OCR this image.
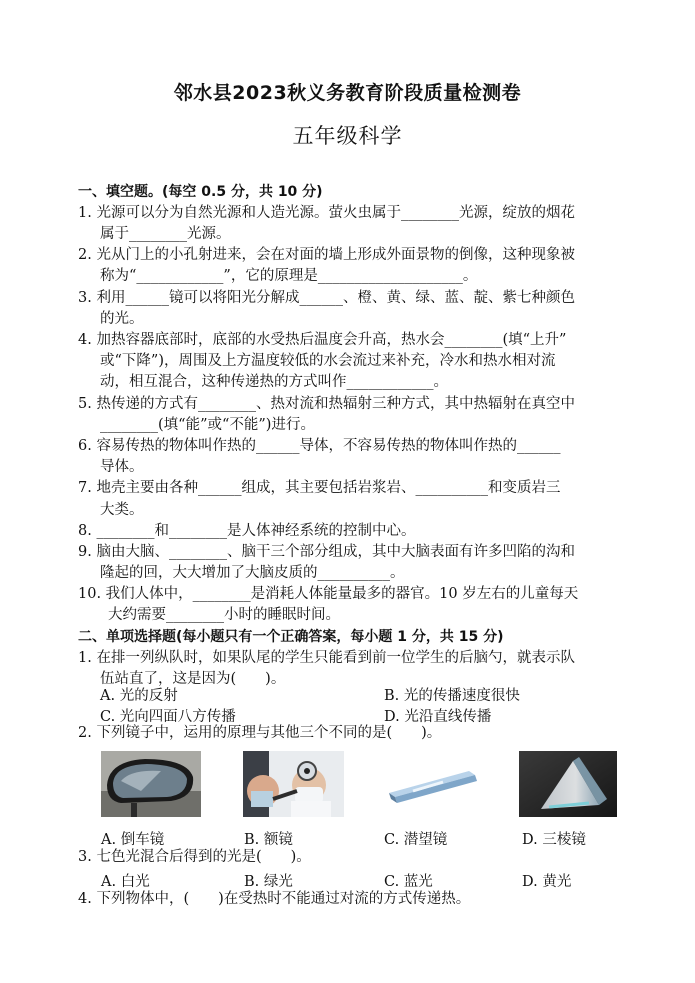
邻水县2023秋义务教育阶段质量检测卷
五年级科学
一、填空题。(每空 0.5 分，共 10 分)
1. 光源可以分为自然光源和人造光源。萤火虫属于________光源，绽放的烟花
属于________光源。
2. 光从门上的小孔射进来，会在对面的墙上形成外面景物的倒像，这种现象被
称为“____________”，它的原理是____________________。
3. 利用______镜可以将阳光分解成______、橙、黄、绿、蓝、靛、紫七种颜色
的光。
4. 加热容器底部时，底部的水受热后温度会升高，热水会________(填“上升”
或“下降”)，周围及上方温度较低的水会流过来补充，冷水和热水相对流
动，相互混合，这种传递热的方式叫作____________。
5. 热传递的方式有________、热对流和热辐射三种方式，其中热辐射在真空中
________(填“能”或“不能”)进行。
6. 容易传热的物体叫作热的______导体，不容易传热的物体叫作热的______
导体。
7. 地壳主要由各种______组成，其主要包括岩浆岩、__________和变质岩三
大类。
8. ________和________是人体神经系统的控制中心。
9. 脑由大脑、________、脑干三个部分组成，其中大脑表面有许多凹陷的沟和
隆起的回，大大增加了大脑皮质的__________。
10. 我们人体中，________是消耗人体能量最多的器官。10 岁左右的儿童每天
大约需要________小时的睡眠时间。
二、单项选择题(每小题只有一个正确答案，每小题 1 分，共 15 分)
1. 在排一列纵队时，如果队尾的学生只能看到前一位学生的后脑勺，就表示队
伍站直了，这是因为(　　)。
A. 光的反射	B. 光的传播速度很快
C. 光向四面八方传播	D. 光沿直线传播
2. 下列镜子中，运用的原理与其他三个不同的是(　　)。
A. 倒车镜	B. 额镜	C. 潜望镜	D. 三棱镜
3. 七色光混合后得到的光是(　　)。
A. 白光	B. 绿光	C. 蓝光	D. 黄光
4. 下列物体中，(　　)在受热时不能通过对流的方式传递热。
